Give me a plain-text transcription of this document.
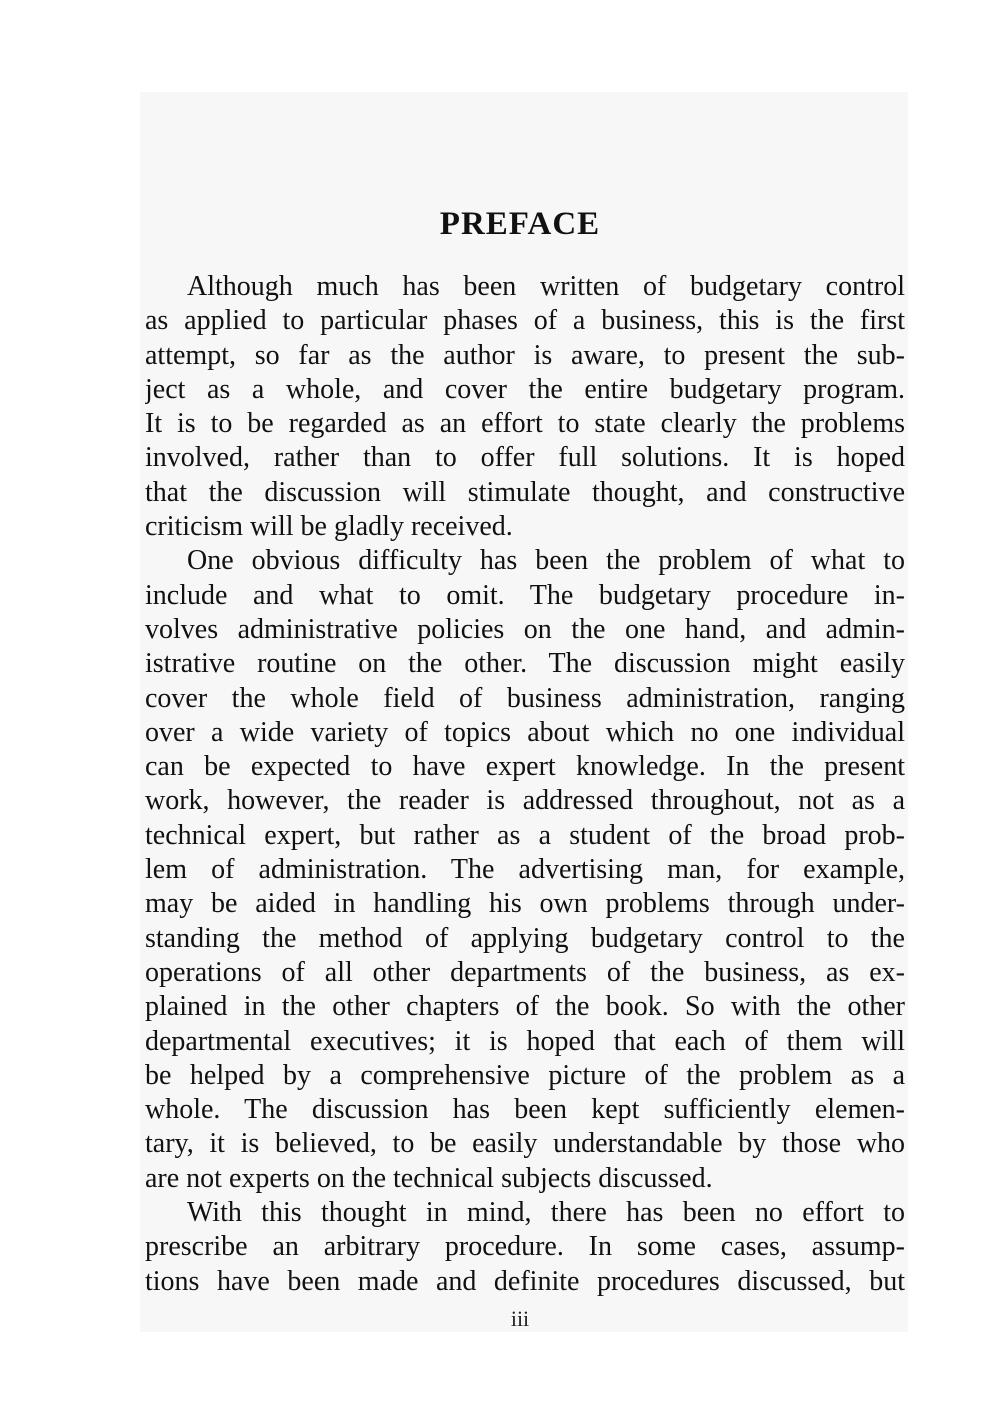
PREFACE
Although much has been written of budgetary control
as applied to particular phases of a business, this is the first
attempt, so far as the author is aware, to present the sub-
ject as a whole, and cover the entire budgetary program.
It is to be regarded as an effort to state clearly the problems
involved, rather than to offer full solutions. It is hoped
that the discussion will stimulate thought, and constructive
criticism will be gladly received.
One obvious difficulty has been the problem of what to
include and what to omit. The budgetary procedure in-
volves administrative policies on the one hand, and admin-
istrative routine on the other. The discussion might easily
cover the whole field of business administration, ranging
over a wide variety of topics about which no one individual
can be expected to have expert knowledge. In the present
work, however, the reader is addressed throughout, not as a
technical expert, but rather as a student of the broad prob-
lem of administration. The advertising man, for example,
may be aided in handling his own problems through under-
standing the method of applying budgetary control to the
operations of all other departments of the business, as ex-
plained in the other chapters of the book. So with the other
departmental executives; it is hoped that each of them will
be helped by a comprehensive picture of the problem as a
whole. The discussion has been kept sufficiently elemen-
tary, it is believed, to be easily understandable by those who
are not experts on the technical subjects discussed.
With this thought in mind, there has been no effort to
prescribe an arbitrary procedure. In some cases, assump-
tions have been made and definite procedures discussed, but
iii
